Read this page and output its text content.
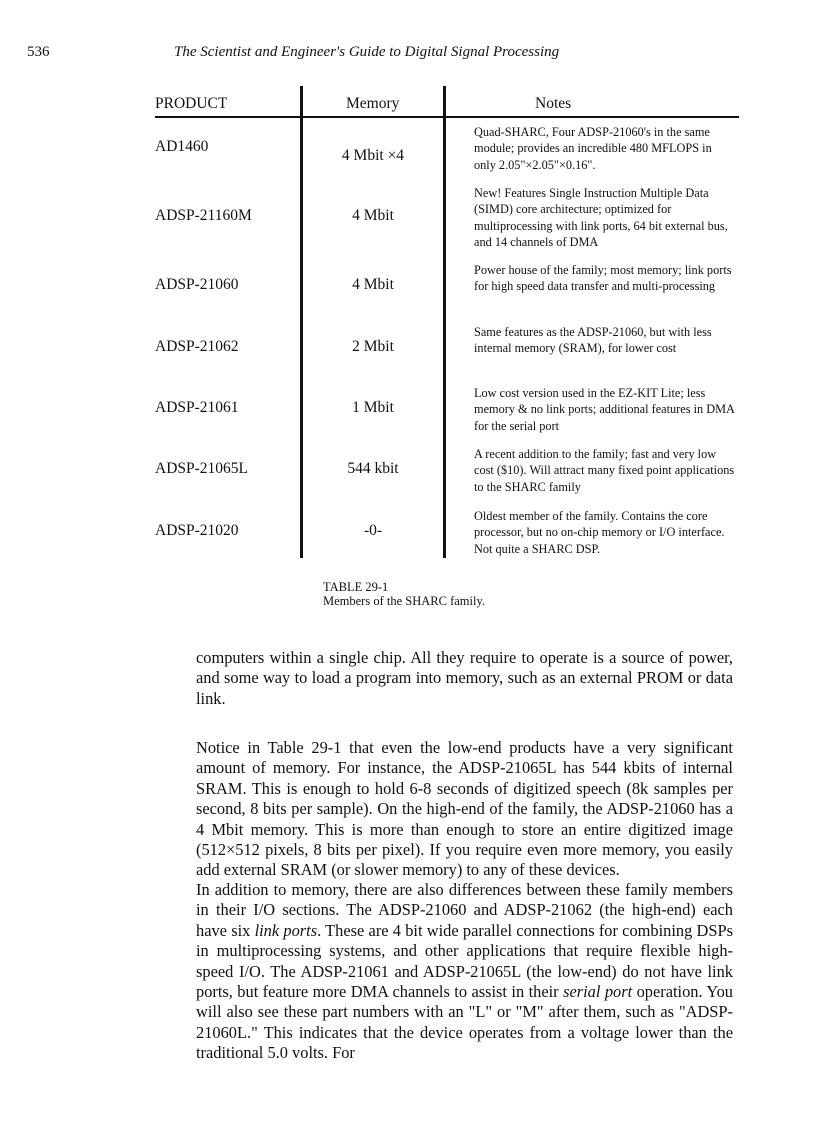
536	The Scientist and Engineer's Guide to Digital Signal Processing
PRODUCT	Memory	Notes
AD1460
4 Mbit ×4
Quad-SHARC, Four ADSP-21060's in the same module; provides an incredible 480 MFLOPS in only 2.05"×2.05"×0.16".
ADSP-21160M	4 Mbit
New! Features Single Instruction Multiple Data (SIMD) core architecture; optimized for multiprocessing with link ports, 64 bit external bus, and 14 channels of DMA
ADSP-21060	4 Mbit
Power house of the family; most memory; link ports for high speed data transfer and multi-processing
ADSP-21062	2 Mbit
Same features as the ADSP-21060, but with less internal memory (SRAM), for lower cost
ADSP-21061	1 Mbit
Low cost version used in the EZ-KIT Lite; less memory & no link ports; additional features in DMA for the serial port
ADSP-21065L	544 kbit
A recent addition to the family; fast and very low cost ($10). Will attract many fixed point applications to the SHARC family
ADSP-21020	-0-
Oldest member of the family. Contains the core processor, but no on-chip memory or I/O interface. Not quite a SHARC DSP.
TABLE 29-1
Members of the SHARC family.

computers within a single chip. All they require to operate is a source of power, and some way to load a program into memory, such as an external PROM or data link.

Notice in Table 29-1 that even the low-end products have a very significant amount of memory. For instance, the ADSP-21065L has 544 kbits of internal SRAM. This is enough to hold 6-8 seconds of digitized speech (8k samples per second, 8 bits per sample). On the high-end of the family, the ADSP-21060 has a 4 Mbit memory. This is more than enough to store an entire digitized image (512×512 pixels, 8 bits per pixel). If you require even more memory, you easily add external SRAM (or slower memory) to any of these devices.

In addition to memory, there are also differences between these family members in their I/O sections. The ADSP-21060 and ADSP-21062 (the high-end) each have six link ports. These are 4 bit wide parallel connections for combining DSPs in multiprocessing systems, and other applications that require flexible high-speed I/O. The ADSP-21061 and ADSP-21065L (the low-end) do not have link ports, but feature more DMA channels to assist in their serial port operation. You will also see these part numbers with an "L" or "M" after them, such as "ADSP-21060L." This indicates that the device operates from a voltage lower than the traditional 5.0 volts. For
